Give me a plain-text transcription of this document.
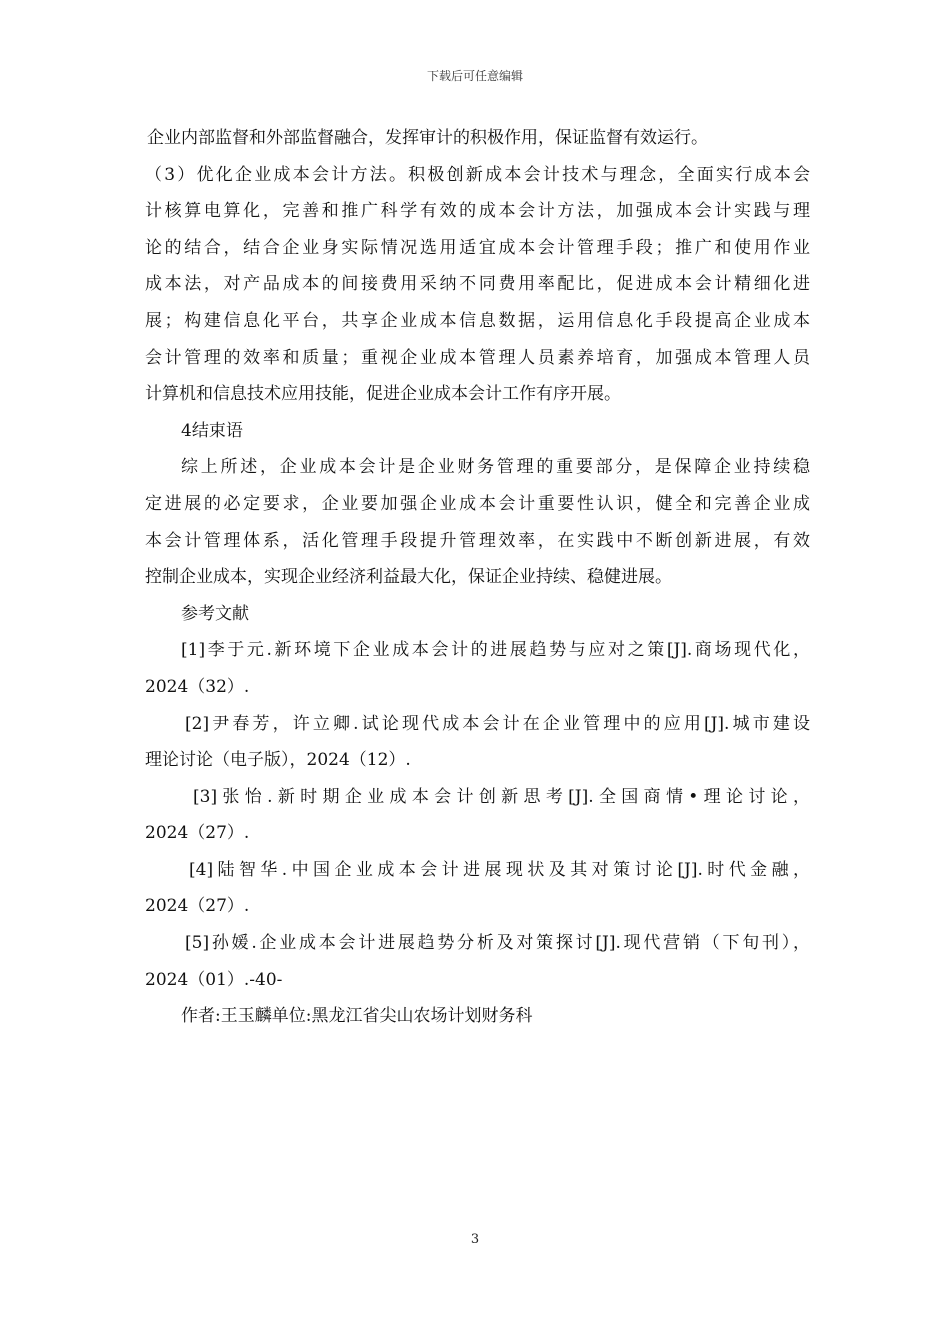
下载后可任意编辑
企业内部监督和外部监督融合，发挥审计的积极作用，保证监督有效运行。
（3）优化企业成本会计方法。积极创新成本会计技术与理念，全面实行成本会
计核算电算化，完善和推广科学有效的成本会计方法，加强成本会计实践与理
论的结合，结合企业身实际情况选用适宜成本会计管理手段；推广和使用作业
成本法，对产品成本的间接费用采纳不同费用率配比，促进成本会计精细化进
展；构建信息化平台，共享企业成本信息数据，运用信息化手段提高企业成本
会计管理的效率和质量；重视企业成本管理人员素养培育，加强成本管理人员
计算机和信息技术应用技能，促进企业成本会计工作有序开展。
4结束语
综上所述，企业成本会计是企业财务管理的重要部分，是保障企业持续稳
定进展的必定要求，企业要加强企业成本会计重要性认识，健全和完善企业成
本会计管理体系，活化管理手段提升管理效率，在实践中不断创新进展，有效
控制企业成本，实现企业经济利益最大化，保证企业持续、稳健进展。
参考文献
[1]李于元.新环境下企业成本会计的进展趋势与应对之策[J].商场现代化，
2024（32）.
[2]尹春芳，许立卿.试论现代成本会计在企业管理中的应用[J].城市建设
理论讨论（电子版），2024（12）.
[3]张怡.新时期企业成本会计创新思考[J].全国商情•理论讨论，
2024（27）.
[4]陆智华.中国企业成本会计进展现状及其对策讨论[J].时代金融，
2024（27）.
[5]孙媛.企业成本会计进展趋势分析及对策探讨[J].现代营销（下旬刊），
2024（01）.-40-
作者:王玉麟单位:黑龙江省尖山农场计划财务科
3
